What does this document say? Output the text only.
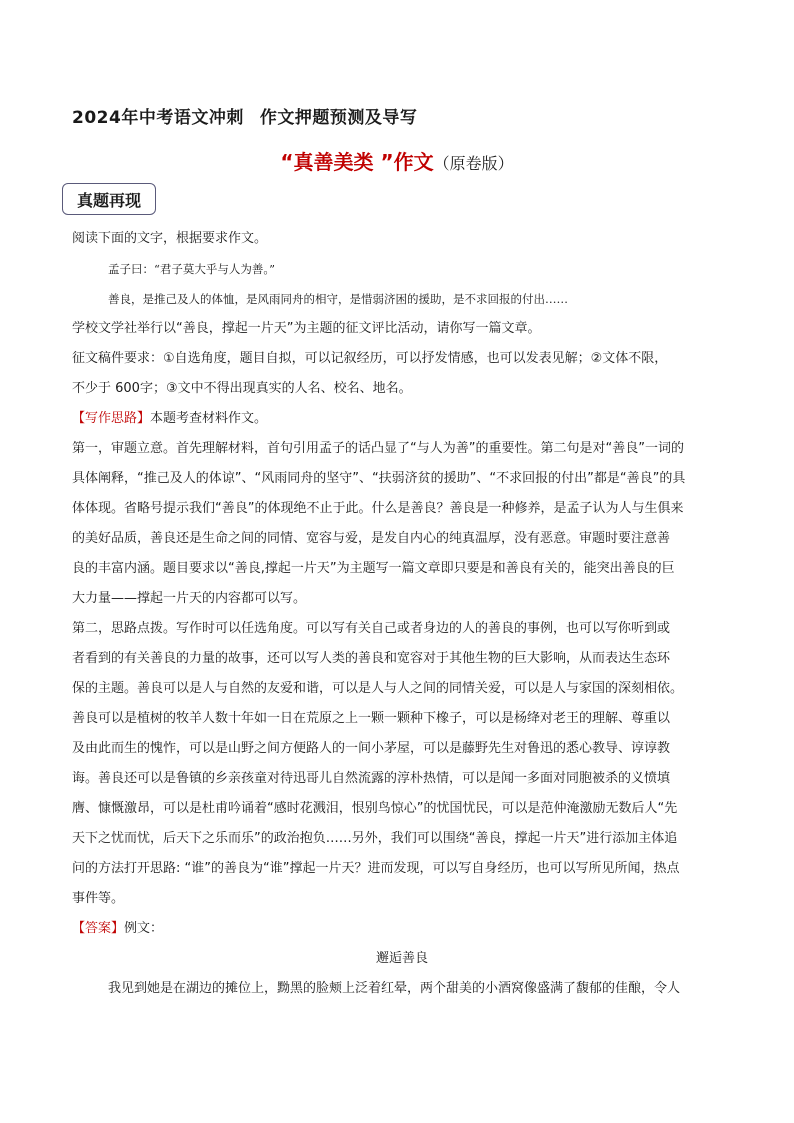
2024年中考语文冲刺 作文押题预测及导写
“真善美类 ”作文（原卷版）
真题再现

阅读下面的文字，根据要求作文。

孟子曰：“君子莫大乎与人为善。”

善良，是推己及人的体恤，是风雨同舟的相守，是惜弱济困的援助，是不求回报的付出……

学校文学社举行以“善良，撑起一片天”为主题的征文评比活动，请你写一篇文章。

征文稿件要求：①自选角度，题目自拟，可以记叙经历，可以抒发情感，也可以发表见解；②文体不限，

不少于 600字；③文中不得出现真实的人名、校名、地名。

【写作思路】本题考查材料作文。

第一，审题立意。首先理解材料，首句引用孟子的话凸显了“与人为善”的重要性。第二句是对“善良”一词的

具体阐释，“推己及人的体谅”、“风雨同舟的坚守”、“扶弱济贫的援助”、“不求回报的付出”都是“善良”的具

体体现。省略号提示我们“善良”的体现绝不止于此。什么是善良？善良是一种修养，是孟子认为人与生俱来

的美好品质，善良还是生命之间的同情、宽容与爱，是发自内心的纯真温厚，没有恶意。审题时要注意善

良的丰富内涵。题目要求以“善良,撑起一片天”为主题写一篇文章即只要是和善良有关的，能突出善良的巨

大力量——撑起一片天的内容都可以写。

第二，思路点拨。写作时可以任选角度。可以写有关自己或者身边的人的善良的事例，也可以写你听到或

者看到的有关善良的力量的故事，还可以写人类的善良和宽容对于其他生物的巨大影响，从而表达生态环

保的主题。善良可以是人与自然的友爱和谐，可以是人与人之间的同情关爱，可以是人与家国的深刻相依。

善良可以是植树的牧羊人数十年如一日在荒原之上一颗一颗种下橡子，可以是杨绛对老王的理解、尊重以

及由此而生的愧怍，可以是山野之间方便路人的一间小茅屋，可以是藤野先生对鲁迅的悉心教导、谆谆教

诲。善良还可以是鲁镇的乡亲孩童对待迅哥儿自然流露的淳朴热情，可以是闻一多面对同胞被杀的义愤填

膺、慷慨激昂，可以是杜甫吟诵着“感时花溅泪，恨别鸟惊心”的忧国忧民，可以是范仲淹激励无数后人“先

天下之忧而忧，后天下之乐而乐”的政治抱负……另外，我们可以围绕“善良，撑起一片天”进行添加主体追

问的方法打开思路: “谁”的善良为“谁”撑起一片天？进而发现，可以写自身经历，也可以写所见所闻，热点

事件等。

【答案】例文：

邂逅善良

我见到她是在湖边的摊位上，黝黑的脸颊上泛着红晕，两个甜美的小酒窝像盛满了馥郁的佳酿，令人
